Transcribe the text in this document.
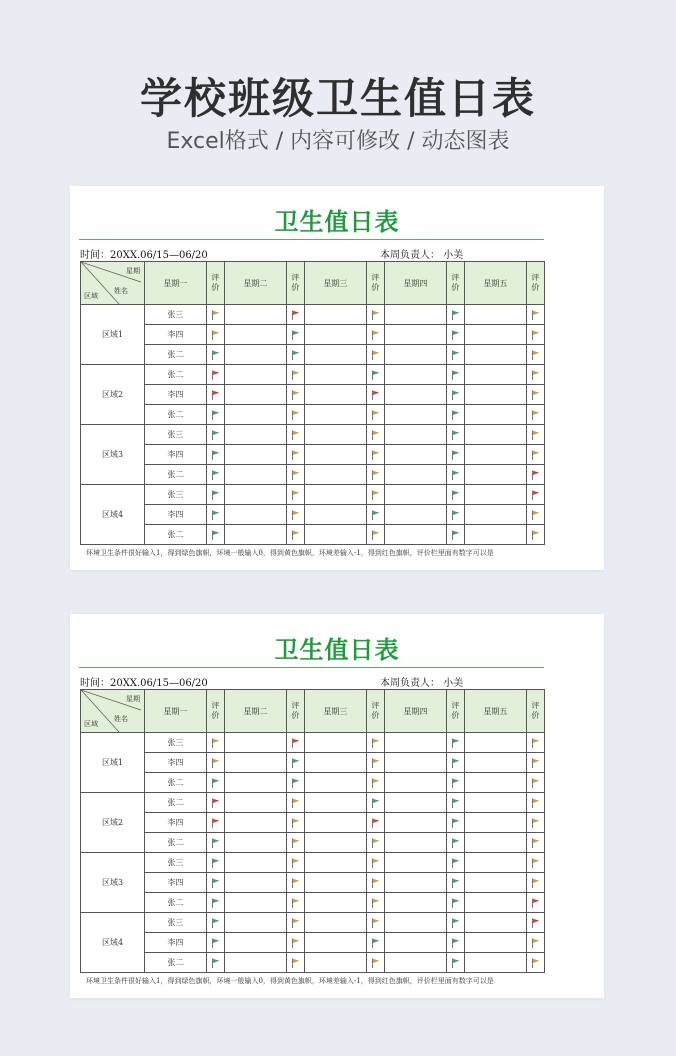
学校班级卫生值日表
Excel格式 / 内容可修改 / 动态图表
卫生值日表
时间：20XX.06/15—06/20	本周负责人： 小美
星期
姓名
区域	星期一	评价	星期二	评价	星期三	评价	星期四	评价	星期五	评价
区域1	张三									
	李四									
	张二									
区域2	张二									
	李四									
	张二									
区域3	张三									
	李四									
	张二									
区域4	张三									
	李四									
	张二									
环境卫生条件很好输入1，得到绿色旗帜，环境一般输入0，得到黄色旗帜，环境差输入-1，得到红色旗帜，评价栏里面有数字可以是
卫生值日表
时间：20XX.06/15—06/20	本周负责人： 小美
星期
姓名
区域	星期一	评价	星期二	评价	星期三	评价	星期四	评价	星期五	评价
区域1	张三									
	李四									
	张二									
区域2	张二									
	李四									
	张二									
区域3	张三									
	李四									
	张二									
区域4	张三									
	李四									
	张二									
环境卫生条件很好输入1，得到绿色旗帜，环境一般输入0，得到黄色旗帜，环境差输入-1，得到红色旗帜，评价栏里面有数字可以是
